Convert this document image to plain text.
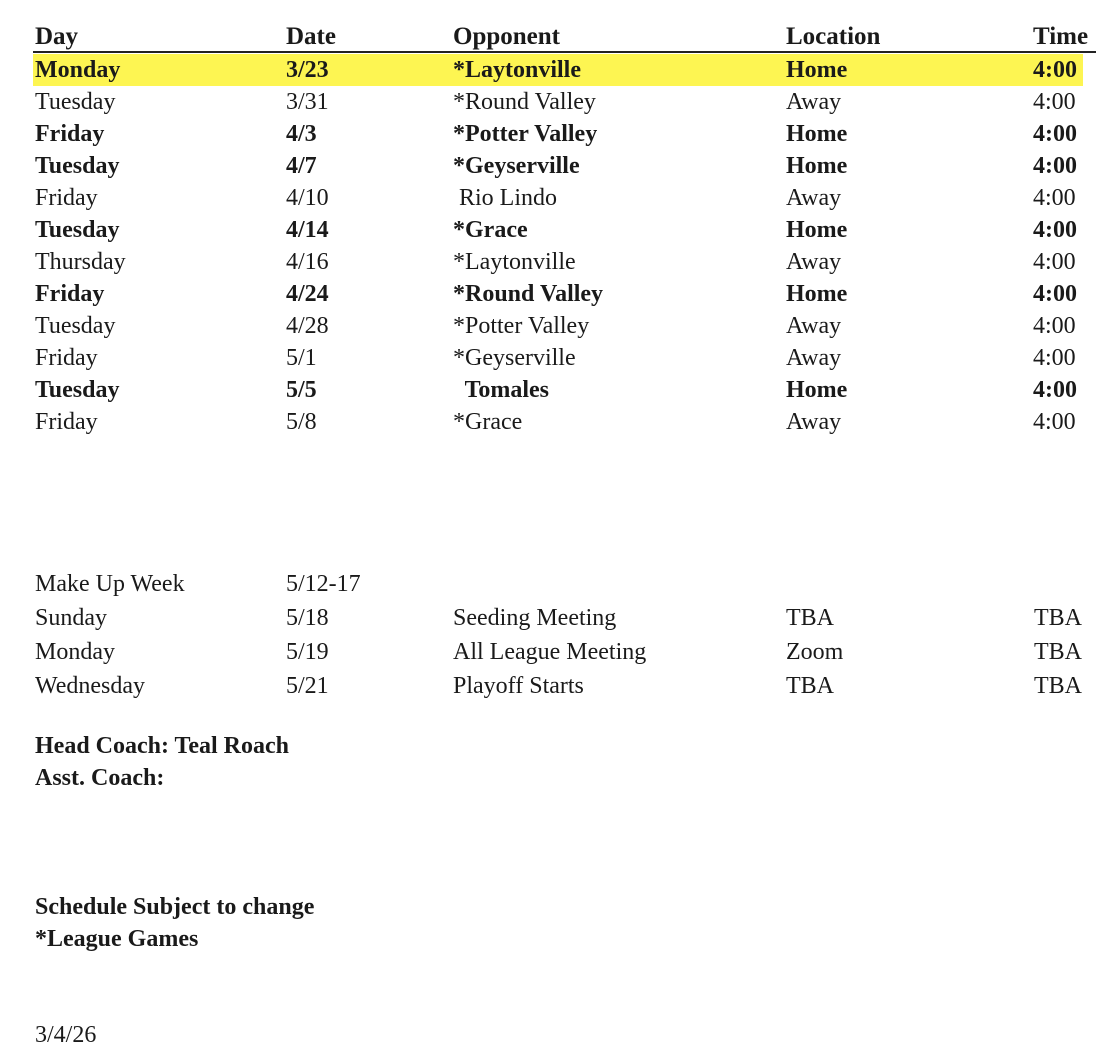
Day	Date	Opponent	Location	Time
Monday	3/23	*Laytonville	Home	4:00
Tuesday	3/31	*Round Valley	Away	4:00
Friday	4/3	*Potter Valley	Home	4:00
Tuesday	4/7	*Geyserville	Home	4:00
Friday	4/10	Rio Lindo	Away	4:00
Tuesday	4/14	*Grace	Home	4:00
Thursday	4/16	*Laytonville	Away	4:00
Friday	4/24	*Round Valley	Home	4:00
Tuesday	4/28	*Potter Valley	Away	4:00
Friday	5/1	*Geyserville	Away	4:00
Tuesday	5/5	Tomales	Home	4:00
Friday	5/8	*Grace	Away	4:00
Make Up Week	5/12-17
Sunday	5/18	Seeding Meeting	TBA	TBA
Monday	5/19	All League Meeting	Zoom	TBA
Wednesday	5/21	Playoff Starts	TBA	TBA
Head Coach: Teal Roach
Asst. Coach:
Schedule Subject to change
*League Games
3/4/26
